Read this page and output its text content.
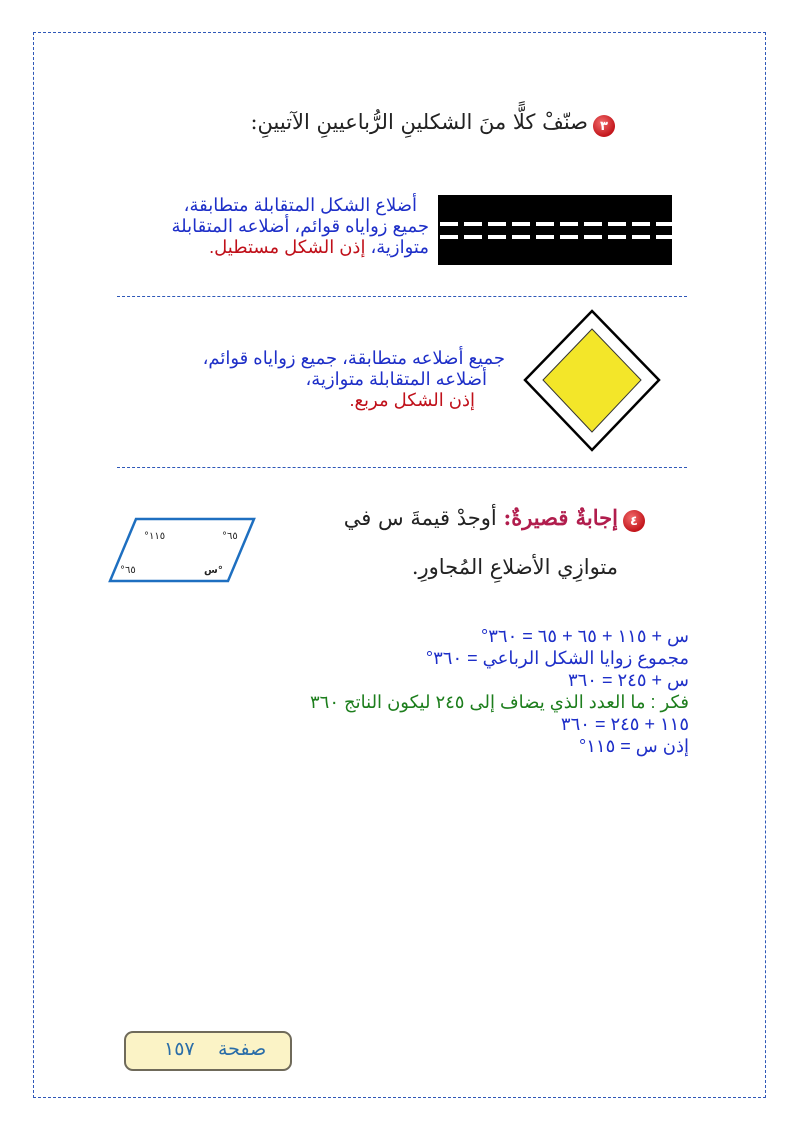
٣
صنّفْ كلًّا منَ الشكلينِ الرُّباعيينِ الآتيينِ:
أضلاع الشكل المتقابلة متطابقة،
جميع زواياه قوائم، أضلاعه المتقابلة
متوازية، إذن الشكل مستطيل.
جميع أضلاعه متطابقة، جميع زواياه قوائم،
أضلاعه المتقابلة متوازية،
إذن الشكل مربع.
٤
إجابةٌ قصيرةٌ: أوجدْ قيمةَ س في
متوازِي الأضلاعِ المُجاورِ.
°١١٥	°٦٥
°٦٥	س°
س + ١١٥ + ٦٥ + ٦٥ = ٣٦٠°
مجموع زوايا الشكل الرباعي = ٣٦٠°
س + ٢٤٥ = ٣٦٠
فكر : ما العدد الذي يضاف إلى ٢٤٥ ليكون الناتج ٣٦٠
١١٥ + ٢٤٥ = ٣٦٠
إذن س = ١١٥°
١٥٧ صفحة
